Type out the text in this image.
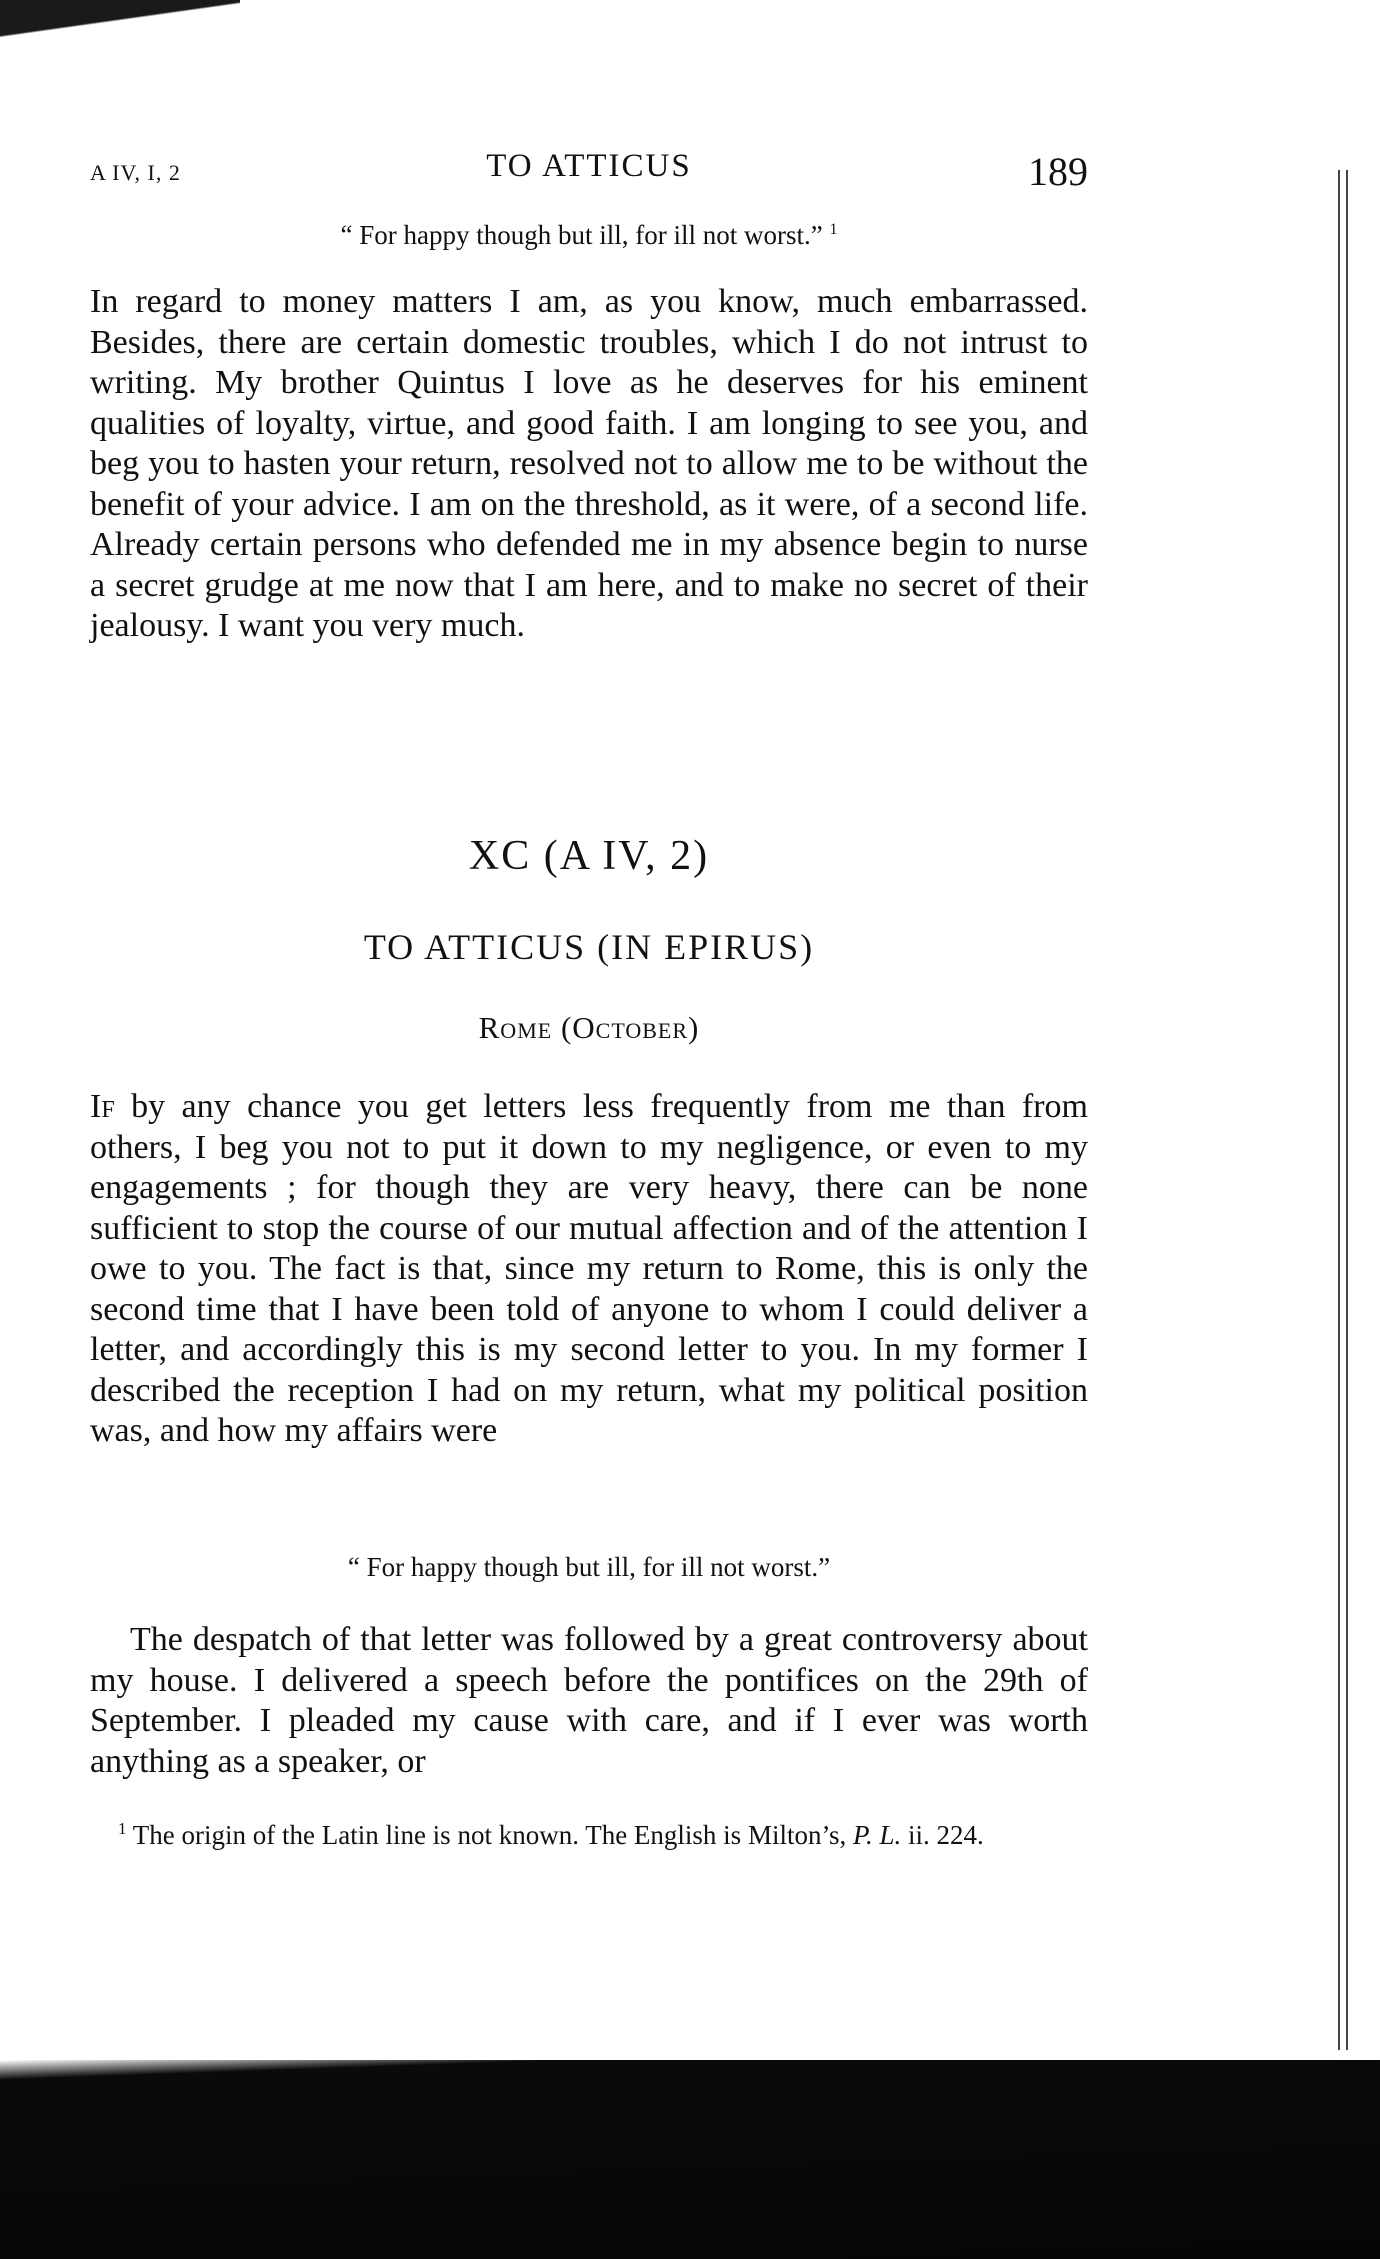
A IV, I, 2	TO ATTICUS	189
“ For happy though but ill, for ill not worst.” $^1$

In regard to money matters I am, as you know, much embarrassed. Besides, there are certain domestic troubles, which I do not intrust to writing. My brother Quintus I love as he deserves for his eminent qualities of loyalty, virtue, and good faith. I am longing to see you, and beg you to hasten your return, resolved not to allow me to be without the benefit of your advice. I am on the threshold, as it were, of a second life. Already certain persons who defended me in my absence begin to nurse a secret grudge at me now that I am here, and to make no secret of their jealousy. I want you very much.

XC (A IV, 2)
TO ATTICUS (IN EPIRUS)
Rome (October)

If by any chance you get letters less frequently from me than from others, I beg you not to put it down to my negligence, or even to my engagements ; for though they are very heavy, there can be none sufficient to stop the course of our mutual affection and of the attention I owe to you. The fact is that, since my return to Rome, this is only the second time that I have been told of anyone to whom I could deliver a letter, and accordingly this is my second letter to you. In my former I described the reception I had on my return, what my political position was, and how my affairs were

“ For happy though but ill, for ill not worst.”

The despatch of that letter was followed by a great controversy about my house. I delivered a speech before the pontifices on the 29th of September. I pleaded my cause with care, and if I ever was worth anything as a speaker, or

$^1$ The origin of the Latin line is not known. The English is Milton’s, P. L. ii. 224.
